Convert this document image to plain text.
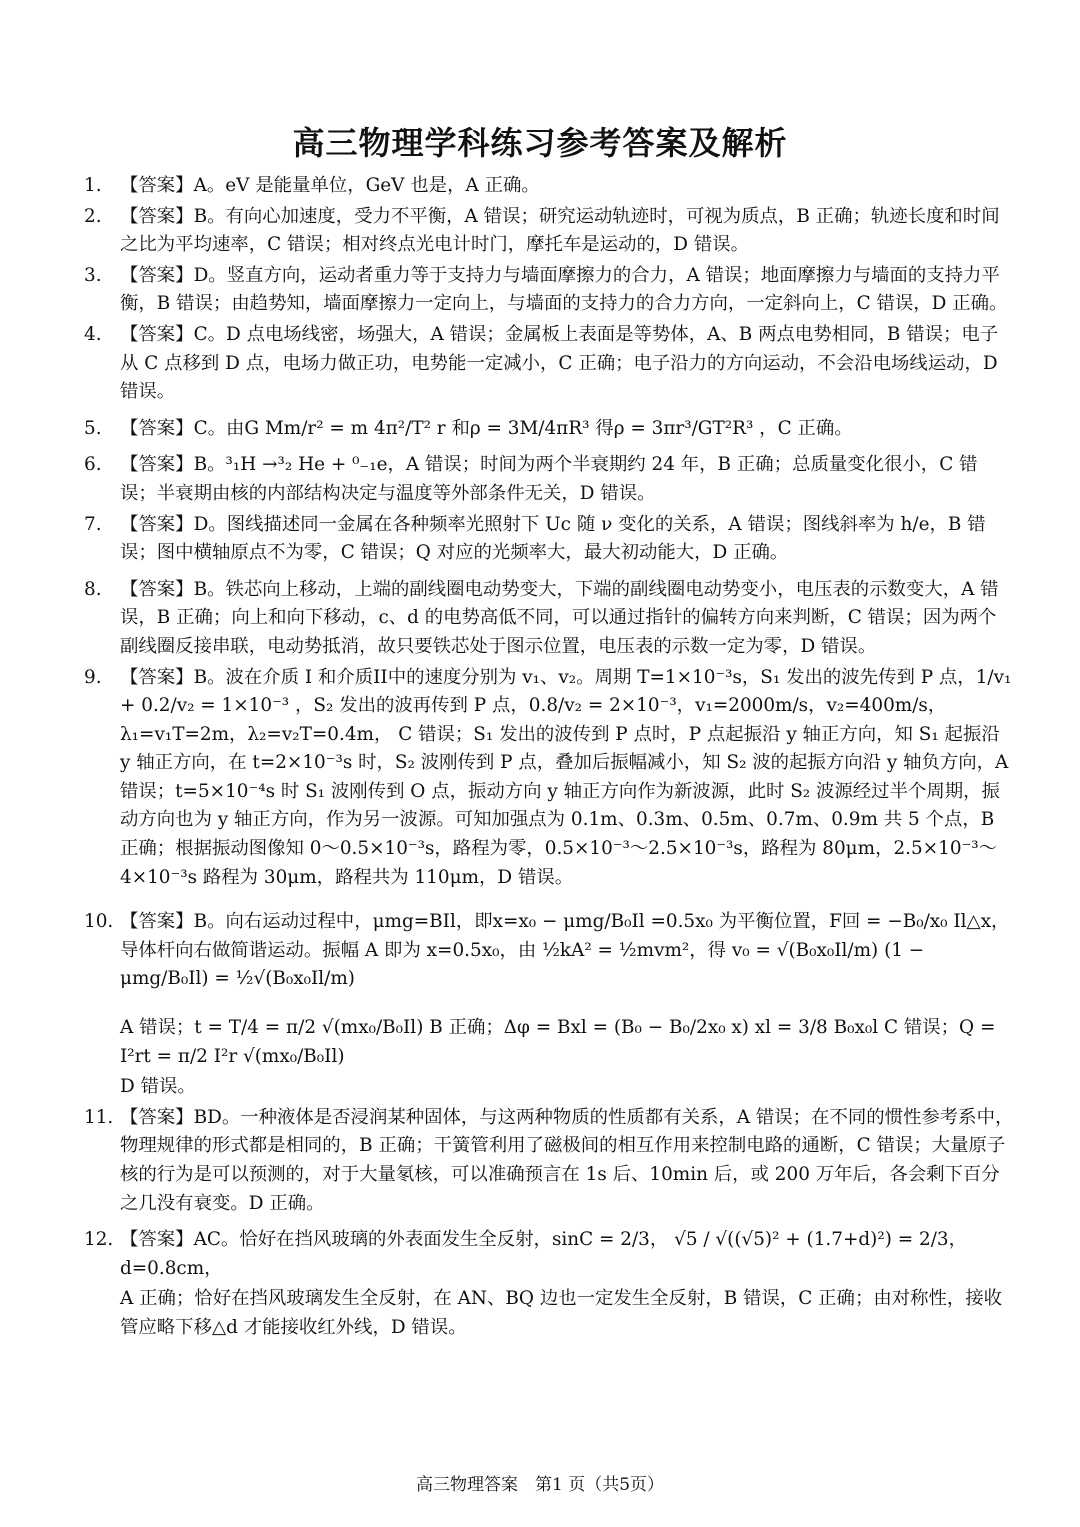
高三物理学科练习参考答案及解析
1. 【答案】A。eV 是能量单位，GeV 也是，A 正确。
2. 【答案】B。有向心加速度，受力不平衡，A 错误；研究运动轨迹时，可视为质点，B 正确；轨迹长度和时间之比为平均速率，C 错误；相对终点光电计时门，摩托车是运动的，D 错误。
3. 【答案】D。竖直方向，运动者重力等于支持力与墙面摩擦力的合力，A 错误；地面摩擦力与墙面的支持力平衡，B 错误；由趋势知，墙面摩擦力一定向上，与墙面的支持力的合力方向，一定斜向上，C 错误，D 正确。
4. 【答案】C。D 点电场线密，场强大，A 错误；金属板上表面是等势体，A、B 两点电势相同，B 错误；电子从 C 点移到 D 点，电场力做正功，电势能一定减小，C 正确；电子沿力的方向运动，不会沿电场线运动，D 错误。
5. 【答案】C。由G Mm/r² = m 4π²/T² r 和ρ = 3M/4πR³ 得ρ = 3πr³/GT²R³ ，C 正确。
6. 【答案】B。³₁H →³₂ He + ⁰₋₁e，A 错误；时间为两个半衰期约 24 年，B 正确；总质量变化很小，C 错误；半衰期由核的内部结构决定与温度等外部条件无关，D 错误。
7. 【答案】D。图线描述同一金属在各种频率光照射下 Uc 随 ν 变化的关系，A 错误；图线斜率为 h/e，B 错误；图中横轴原点不为零，C 错误；Q 对应的光频率大，最大初动能大，D 正确。
8. 【答案】B。铁芯向上移动，上端的副线圈电动势变大，下端的副线圈电动势变小，电压表的示数变大，A 错误，B 正确；向上和向下移动，c、d 的电势高低不同，可以通过指针的偏转方向来判断，C 错误；因为两个副线圈反接串联，电动势抵消，故只要铁芯处于图示位置，电压表的示数一定为零，D 错误。
9. 【答案】B。波在介质 I 和介质II中的速度分别为 v₁、v₂。周期 T=1×10⁻³s，S₁ 发出的波先传到 P 点，1/v₁ + 0.2/v₂ = 1×10⁻³ ，S₂ 发出的波再传到 P 点，0.8/v₂ = 2×10⁻³，v₁=2000m/s，v₂=400m/s，λ₁=v₁T=2m，λ₂=v₂T=0.4m， C 错误；S₁ 发出的波传到 P 点时，P 点起振沿 y 轴正方向，知 S₁ 起振沿 y 轴正方向，在 t=2×10⁻³s 时，S₂ 波刚传到 P 点，叠加后振幅减小，知 S₂ 波的起振方向沿 y 轴负方向，A 错误；t=5×10⁻⁴s 时 S₁ 波刚传到 O 点，振动方向 y 轴正方向作为新波源，此时 S₂ 波源经过半个周期，振动方向也为 y 轴正方向，作为另一波源。可知加强点为 0.1m、0.3m、0.5m、0.7m、0.9m 共 5 个点，B 正确；根据振动图像知 0～0.5×10⁻³s，路程为零，0.5×10⁻³～2.5×10⁻³s，路程为 80μm，2.5×10⁻³～4×10⁻³s 路程为 30μm，路程共为 110μm，D 错误。
10. 【答案】B。向右运动过程中，μmg=BIl，即x=x₀ − μmg/B₀Il =0.5x₀ 为平衡位置，F回 = −B₀/x₀ Il△x，导体杆向右做简谐运动。振幅 A 即为 x=0.5x₀，由 ½kA² = ½mvm²，得 v₀ = √(B₀x₀Il/m) (1 − μmg/B₀Il) = ½√(B₀x₀Il/m)
A 错误；t = T/4 = π/2 √(mx₀/B₀Il) B 正确；Δφ = Bxl = (B₀ − B₀/2x₀ x) xl = 3/8 B₀x₀l C 错误；Q = I²rt = π/2 I²r √(mx₀/B₀Il)
D 错误。
11. 【答案】BD。一种液体是否浸润某种固体，与这两种物质的性质都有关系，A 错误；在不同的惯性参考系中，物理规律的形式都是相同的，B 正确；干簧管利用了磁极间的相互作用来控制电路的通断，C 错误；大量原子核的行为是可以预测的，对于大量氡核，可以准确预言在 1s 后、10min 后，或 200 万年后，各会剩下百分之几没有衰变。D 正确。
12. 【答案】AC。恰好在挡风玻璃的外表面发生全反射，sinC = 2/3， √5 / √((√5)² + (1.7+d)²) = 2/3，d=0.8cm，
A 正确；恰好在挡风玻璃发生全反射，在 AN、BQ 边也一定发生全反射，B 错误，C 正确；由对称性，接收管应略下移△d 才能接收红外线，D 错误。
高三物理答案　第1 页（共5页）
